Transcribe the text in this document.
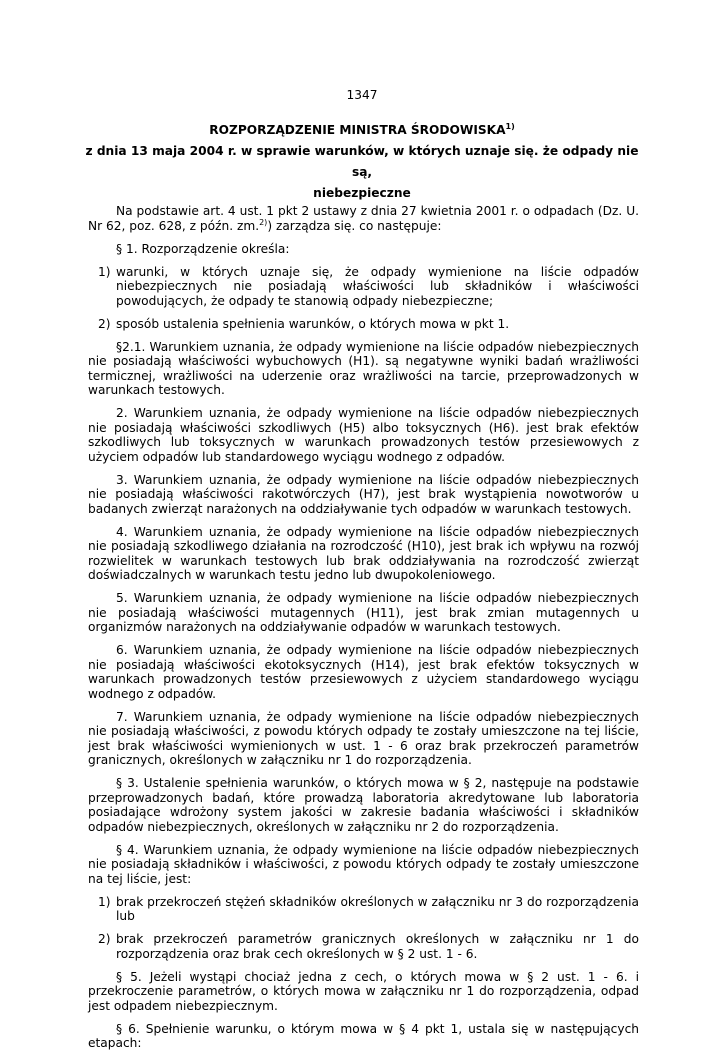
1347
ROZPORZĄDZENIE MINISTRA ŚRODOWISKA$^{1)}$
z dnia 13 maja 2004 r. w sprawie warunków, w których uznaje się. że odpady nie są,
niebezpieczne

Na podstawie art. 4 ust. 1 pkt 2 ustawy z dnia 27 kwietnia 2001 r. o odpadach (Dz. U. Nr 62, poz. 628, z późn. zm.$^{2)}$) zarządza się. co następuje:

§ 1. Rozporządzenie określa:

1) warunki, w których uznaje się, że odpady wymienione na liście odpadów niebezpiecznych nie posiadają właściwości lub składników i właściwości powodujących, że odpady te stanowią odpady niebezpieczne;
2) sposób ustalenia spełnienia warunków, o których mowa w pkt 1.

§2.1. Warunkiem uznania, że odpady wymienione na liście odpadów niebezpiecznych nie posiadają właściwości wybuchowych (H1). są negatywne wyniki badań wrażliwości termicznej, wrażliwości na uderzenie oraz wrażliwości na tarcie, przeprowadzonych w warunkach testowych.

2. Warunkiem uznania, że odpady wymienione na liście odpadów niebezpiecznych nie posiadają właściwości szkodliwych (H5) albo toksycznych (H6). jest brak efektów szkodliwych lub toksycznych w warunkach prowadzonych testów przesiewowych z użyciem odpadów lub standardowego wyciągu wodnego z odpadów.

3. Warunkiem uznania, że odpady wymienione na liście odpadów niebezpiecznych nie posiadają właściwości rakotwórczych (H7), jest brak wystąpienia nowotworów u badanych zwierząt narażonych na oddziaływanie tych odpadów w warunkach testowych.

4. Warunkiem uznania, że odpady wymienione na liście odpadów niebezpiecznych nie posiadają szkodliwego działania na rozrodczość (H10), jest brak ich wpływu na rozwój rozwielitek w warunkach testowych lub brak oddziaływania na rozrodczość zwierząt doświadczalnych w warunkach testu jedno lub dwupokoleniowego.

5. Warunkiem uznania, że odpady wymienione na liście odpadów niebezpiecznych nie posiadają właściwości mutagennych (H11), jest brak zmian mutagennych u organizmów narażonych na oddziaływanie odpadów w warunkach testowych.

6. Warunkiem uznania, że odpady wymienione na liście odpadów niebezpiecznych nie posiadają właściwości ekotoksycznych (H14), jest brak efektów toksycznych w warunkach prowadzonych testów przesiewowych z użyciem standardowego wyciągu wodnego z odpadów.

7. Warunkiem uznania, że odpady wymienione na liście odpadów niebezpiecznych nie posiadają właściwości, z powodu których odpady te zostały umieszczone na tej liście, jest brak właściwości wymienionych w ust. 1 - 6 oraz brak przekroczeń parametrów granicznych, określonych w załączniku nr 1 do rozporządzenia.

§ 3. Ustalenie spełnienia warunków, o których mowa w § 2, następuje na podstawie przeprowadzonych badań, które prowadzą laboratoria akredytowane lub laboratoria posiadające wdrożony system jakości w zakresie badania właściwości i składników odpadów niebezpiecznych, określonych w załączniku nr 2 do rozporządzenia.

§ 4. Warunkiem uznania, że odpady wymienione na liście odpadów niebezpiecznych nie posiadają składników i właściwości, z powodu których odpady te zostały umieszczone na tej liście, jest:

1) brak przekroczeń stężeń składników określonych w załączniku nr 3 do rozporządzenia lub
2) brak przekroczeń parametrów granicznych określonych w załączniku nr 1 do rozporządzenia oraz brak cech określonych w § 2 ust. 1 - 6.

§ 5. Jeżeli wystąpi chociaż jedna z cech, o których mowa w § 2 ust. 1 - 6. i przekroczenie parametrów, o których mowa w załączniku nr 1 do rozporządzenia, odpad jest odpadem niebezpiecznym.

§ 6. Spełnienie warunku, o którym mowa w § 4 pkt 1, ustala się w następujących etapach:
